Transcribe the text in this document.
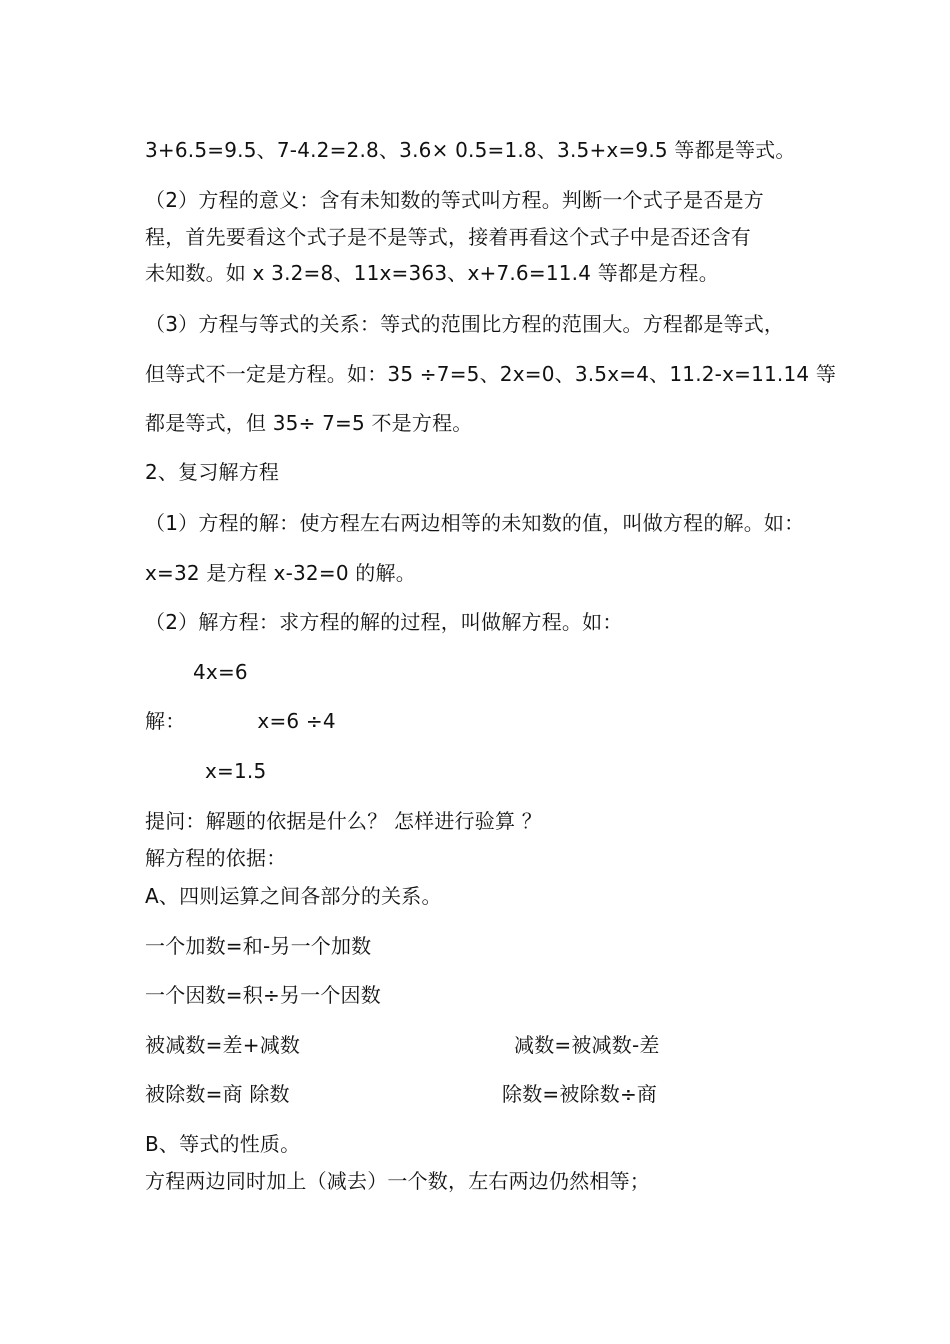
3+6.5=9.5、7-4.2=2.8、3.6× 0.5=1.8、3.5+x=9.5 等都是等式。
（2）方程的意义：含有未知数的等式叫方程。判断一个式子是否是方
程，首先要看这个式子是不是等式，接着再看这个式子中是否还含有
未知数。如 x 3.2=8、11x=363、x+7.6=11.4 等都是方程。
（3）方程与等式的关系：等式的范围比方程的范围大。方程都是等式，
但等式不一定是方程。如：35 ÷7=5、2x=0、3.5x=4、11.2-x=11.14 等
都是等式，但 35÷ 7=5 不是方程。
2、复习解方程
（1）方程的解：使方程左右两边相等的未知数的值，叫做方程的解。如：
x=32 是方程 x-32=0 的解。
（2）解方程：求方程的解的过程，叫做解方程。如：
4x=6
解：	x=6 ÷4
x=1.5
提问：解题的依据是什么？ 怎样进行验算 ？
解方程的依据：
A、四则运算之间各部分的关系。
一个加数=和-另一个加数
一个因数=积÷另一个因数
被减数=差+减数	减数=被减数-差
被除数=商 除数	除数=被除数÷商
B、等式的性质。
方程两边同时加上（减去）一个数，左右两边仍然相等；
